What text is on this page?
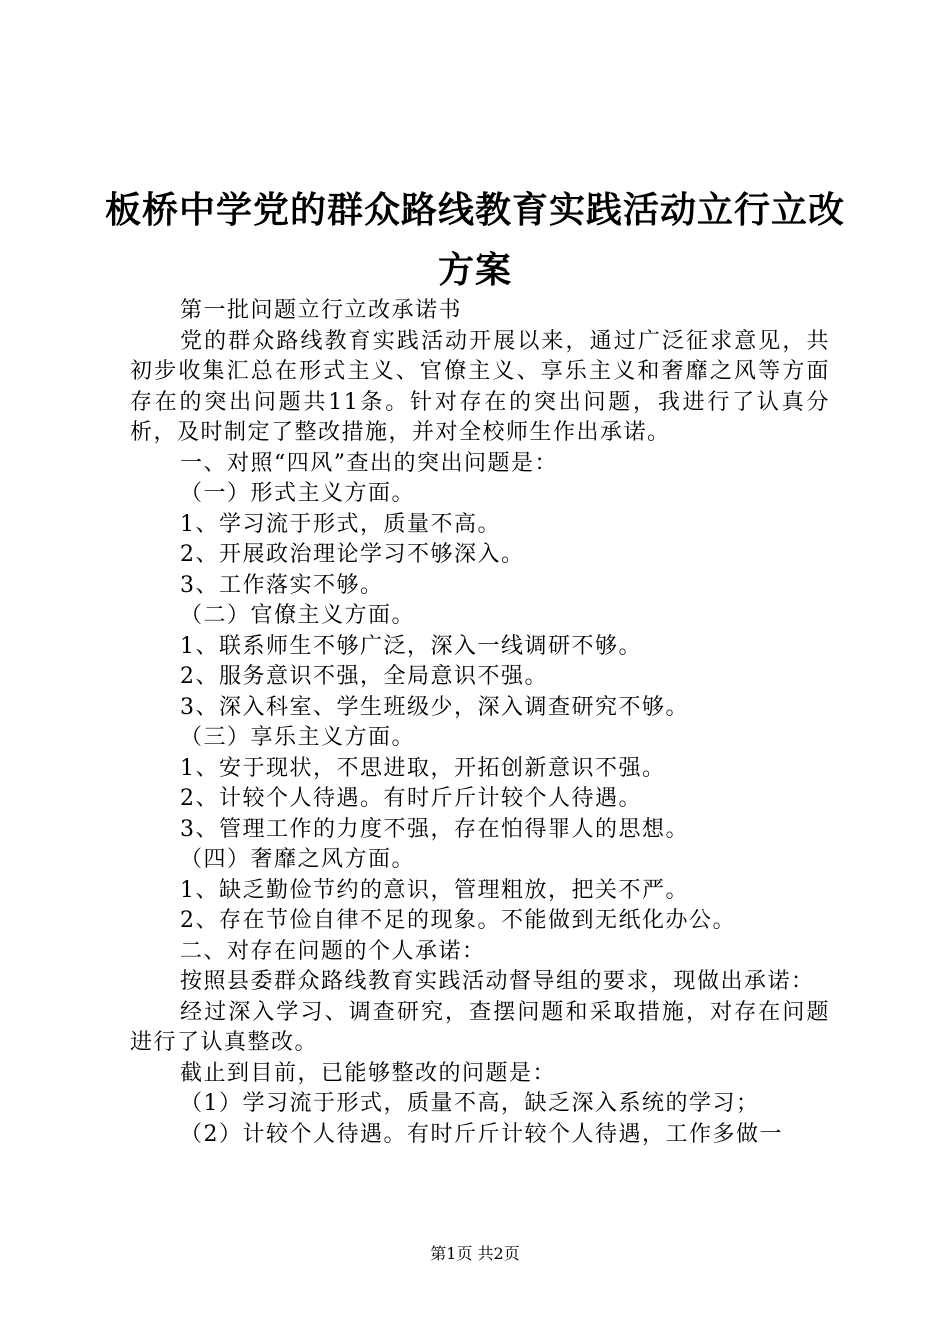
板桥中学党的群众路线教育实践活动立行立改
方案

第一批问题立行立改承诺书

党的群众路线教育实践活动开展以来，通过广泛征求意见，共初步收集汇总在形式主义、官僚主义、享乐主义和奢靡之风等方面存在的突出问题共11条。针对存在的突出问题，我进行了认真分析，及时制定了整改措施，并对全校师生作出承诺。

一、对照“四风”查出的突出问题是：

（一）形式主义方面。

1、学习流于形式，质量不高。

2、开展政治理论学习不够深入。

3、工作落实不够。

（二）官僚主义方面。

1、联系师生不够广泛，深入一线调研不够。

2、服务意识不强，全局意识不强。

3、深入科室、学生班级少，深入调查研究不够。

（三）享乐主义方面。

1、安于现状，不思进取，开拓创新意识不强。

2、计较个人待遇。有时斤斤计较个人待遇。

3、管理工作的力度不强，存在怕得罪人的思想。

（四）奢靡之风方面。

1、缺乏勤俭节约的意识，管理粗放，把关不严。

2、存在节俭自律不足的现象。不能做到无纸化办公。

二、对存在问题的个人承诺：

按照县委群众路线教育实践活动督导组的要求，现做出承诺：

经过深入学习、调查研究，查摆问题和采取措施，对存在问题进行了认真整改。

截止到目前，已能够整改的问题是：

（1）学习流于形式，质量不高，缺乏深入系统的学习；

（2）计较个人待遇。有时斤斤计较个人待遇，工作多做一

第1页 共2页
